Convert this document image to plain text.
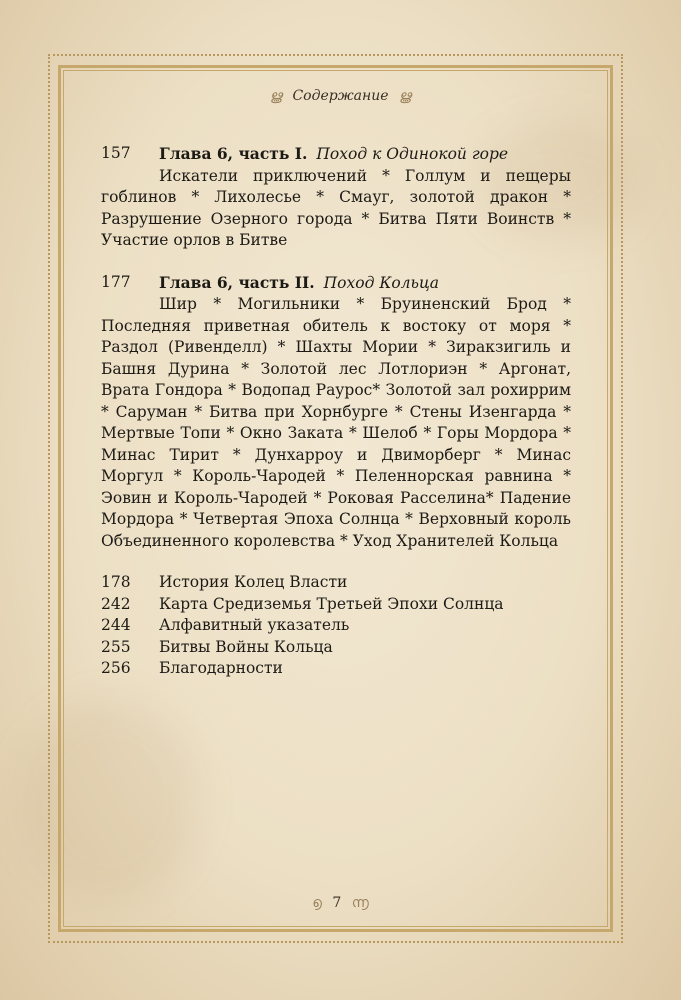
ൠ Содержание ൠ
157	Глава 6, часть I. Поход к Одинокой горе

Искатели приключений * Голлум и пещеры гоблинов * Лихолесье * Смауг, золотой дракон * Разрушение Озерного города * Битва Пяти Воинств * Участие орлов в Битве

177	Глава 6, часть II. Поход Кольца

Шир * Могильники * Бруиненский Брод * Последняя приветная обитель к востоку от моря * Раздол (Ривенделл) * Шахты Мории * Зиракзигиль и Башня Дурина * Золотой лес Лотлориэн * Аргонат, Врата Гондора * Водопад Раурос* Золотой зал рохиррим * Саруман * Битва при Хорнбурге * Стены Изенгарда * Мертвые Топи * Окно Заката * Шелоб * Горы Мордора * Минас Тирит * Дунхарроу и Двиморберг * Минас Моргул * Король-Чародей * Пеленнорская равнина * Эовин и Король-Чародей * Роковая Расселина* Падение Мордора * Четвертая Эпоха Солнца * Верховный король Объединенного королевства * Уход Хранителей Кольца

178	История Колец Власти
242	Карта Средиземья Третьей Эпохи Солнца
244	Алфавитный указатель
255	Битвы Войны Кольца
256	Благодарности
൭ 7 ൬
